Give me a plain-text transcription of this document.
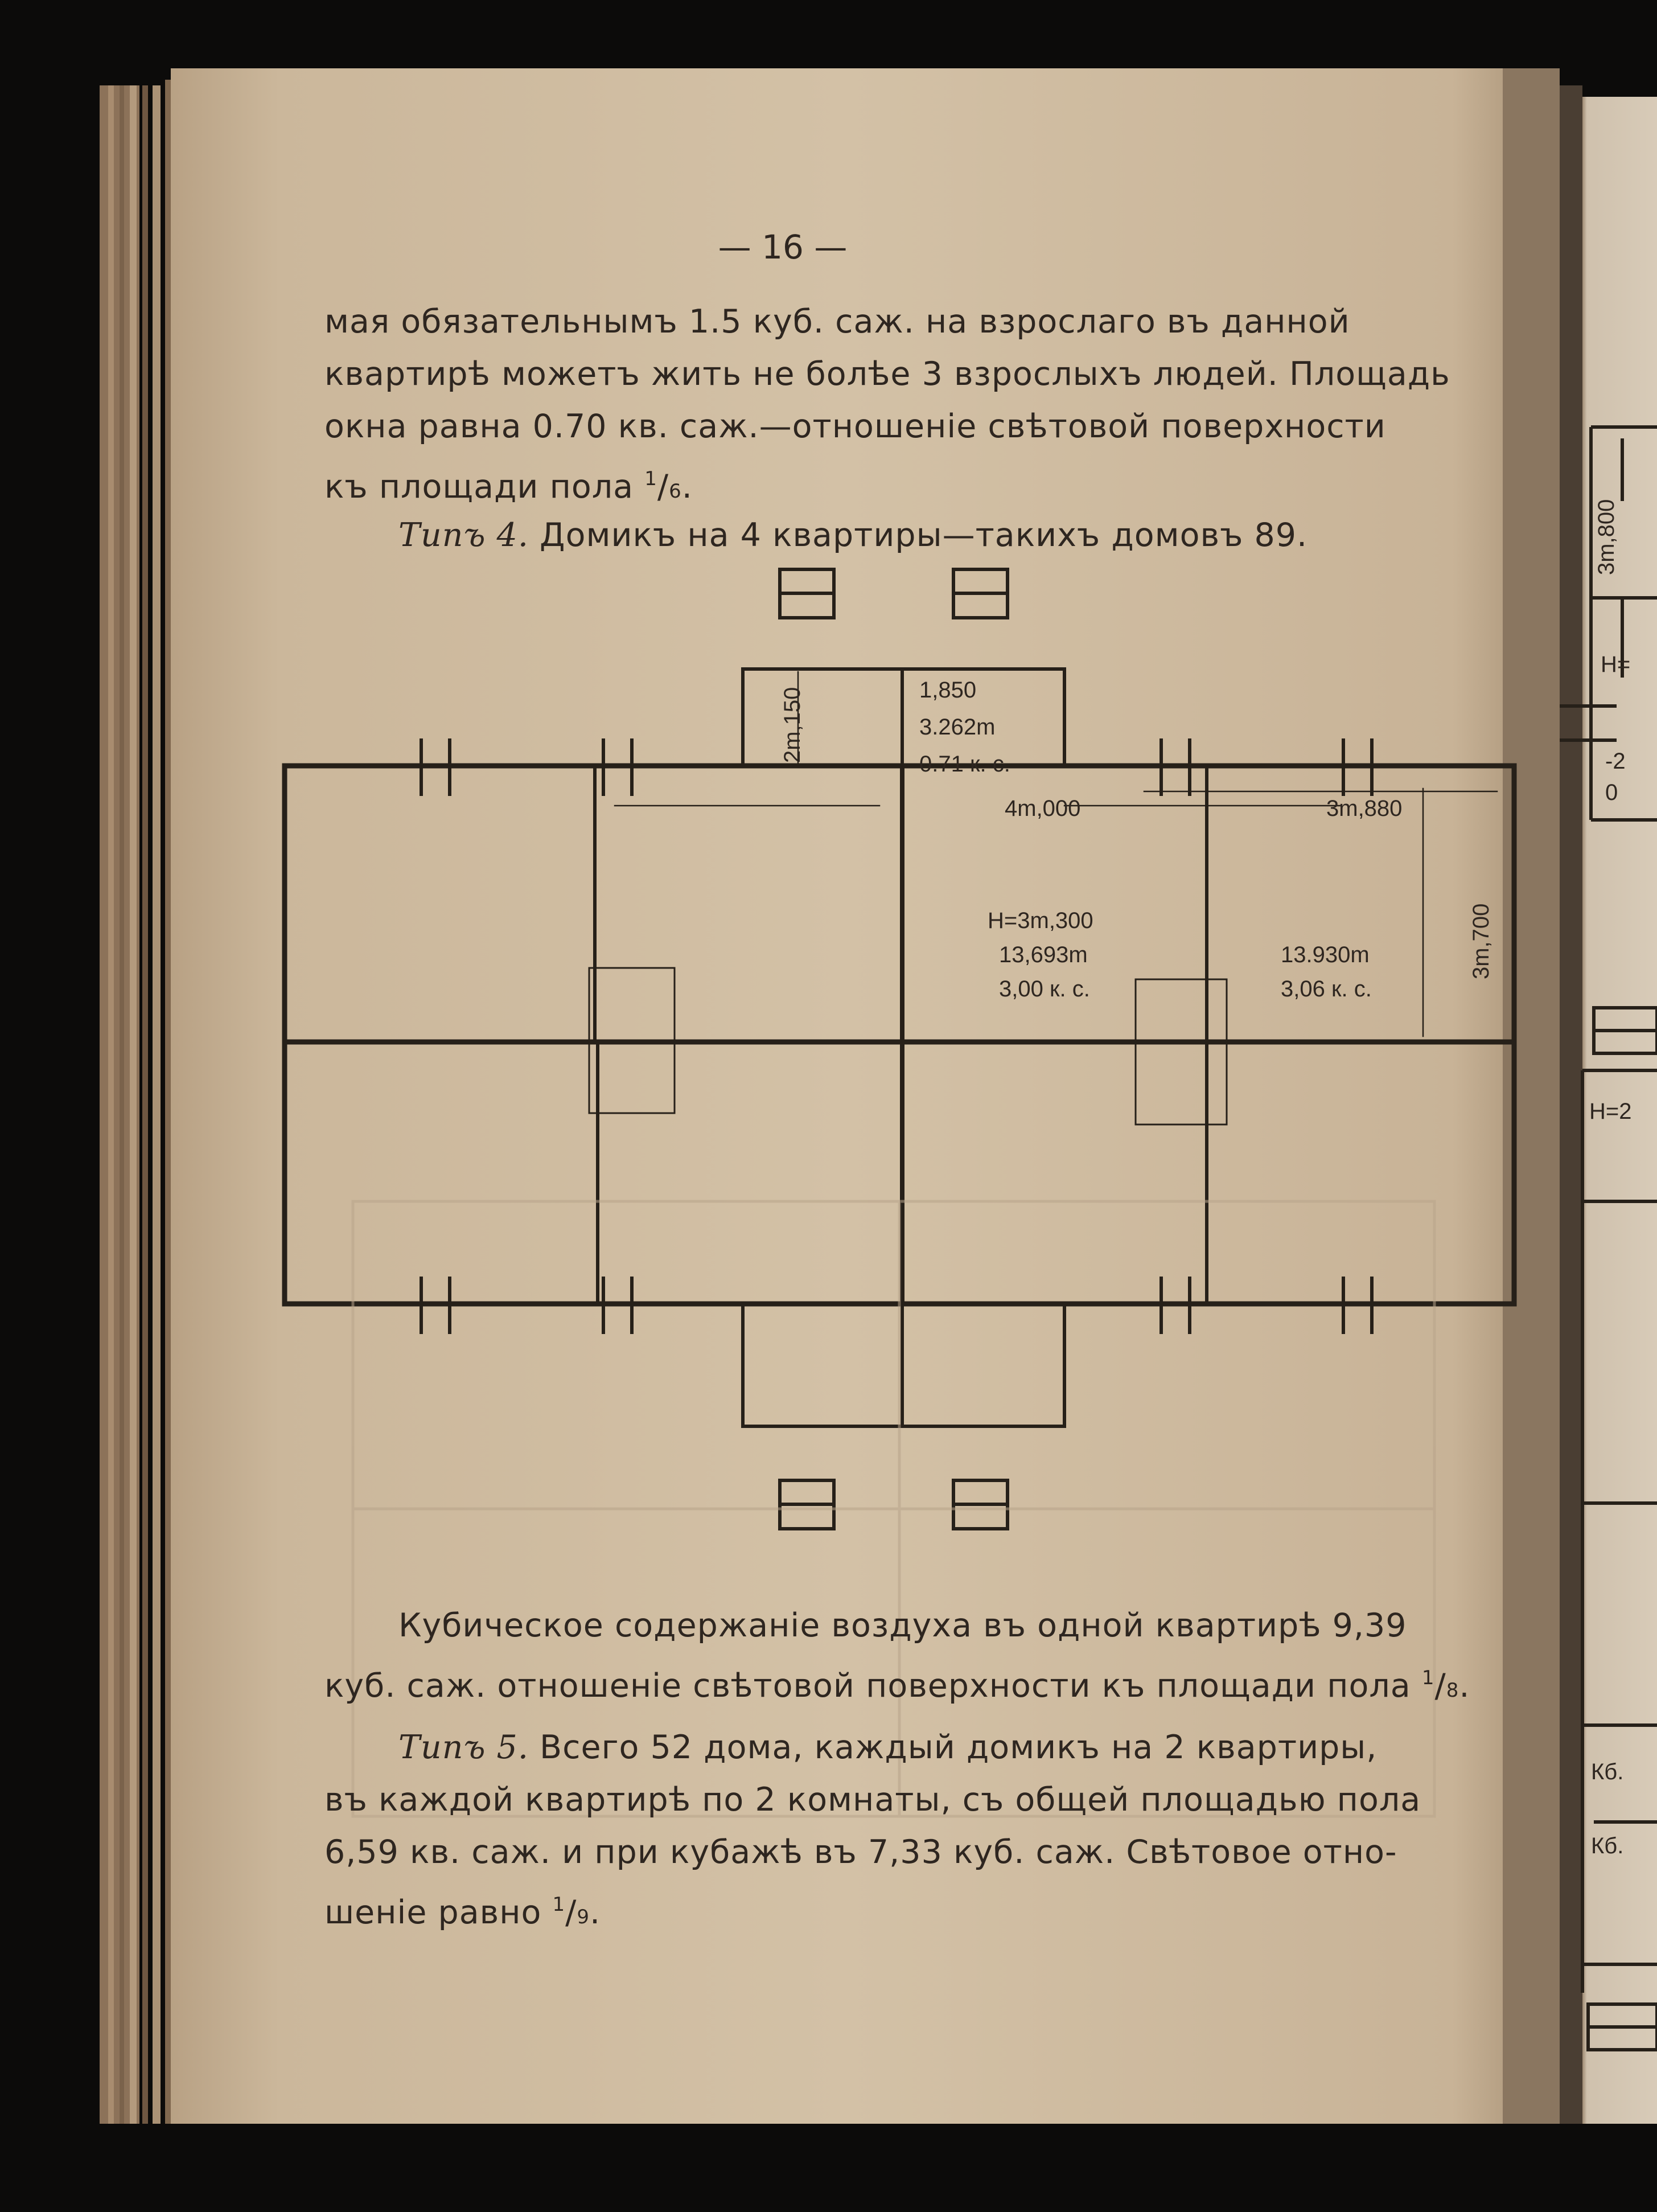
2m,150
3m,700
3m,800
— 16 —
мая обязательнымъ 1.5 куб. саж. на взрослаго въ данной
квартирѣ можетъ жить не болѣе 3 взрослыхъ людей. Площадь
окна равна 0.70 кв. саж.—отношеніе свѣтовой поверхности
къ площади пола $^1$/6.
Типъ 4. Домикъ на 4 квартиры—такихъ домовъ 89.
1,850
3.262m
0.71 к. с.
4m,000	3m,880
H=3m,300
13,693m
3,00 к. с.
13.930m
3,06 к. с.
Кубическое содержаніе воздуха въ одной квартирѣ 9,39
куб. саж. отношеніе свѣтовой поверхности къ площади пола $^1$/8.
Типъ 5. Всего 52 дома, каждый домикъ на 2 квартиры,
въ каждой квартирѣ по 2 комнаты, съ общей площадью пола
6,59 кв. саж. и при кубажѣ въ 7,33 куб. саж. Свѣтовое отно-
шеніе равно $^1$/9.
H=
-2
0
H=2
Кб.
Кб.
